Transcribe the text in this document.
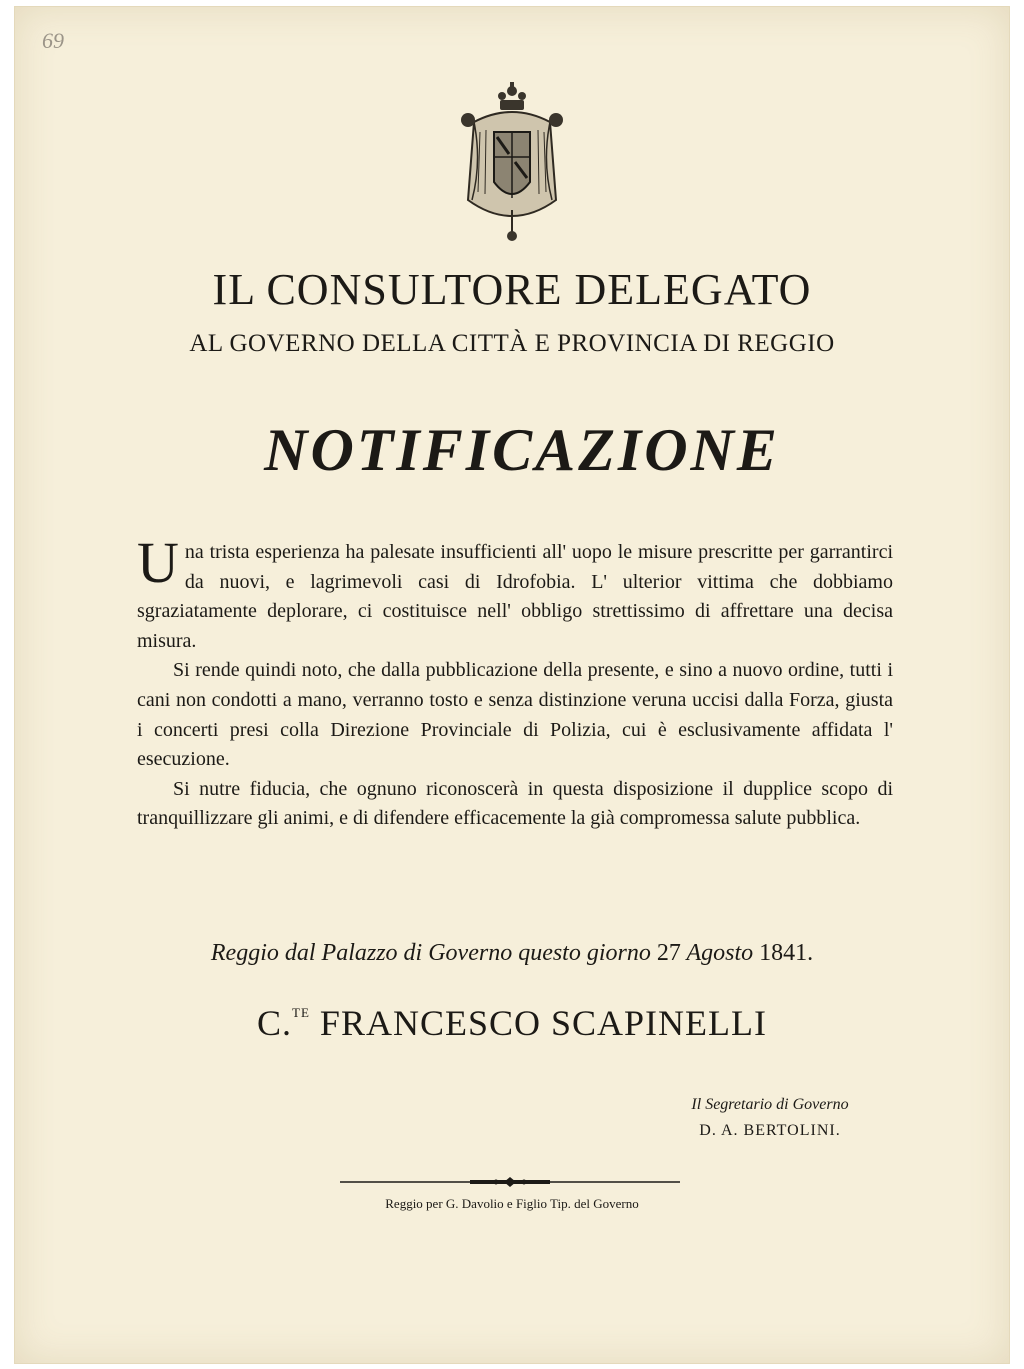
69
IL CONSULTORE DELEGATO
AL GOVERNO DELLA CITTÀ E PROVINCIA DI REGGIO
NOTIFICAZIONE

Una trista esperienza ha palesate insufficienti all' uopo le misure prescritte per garrantirci da nuovi, e lagrimevoli casi di Idrofobia. L' ulterior vittima che dobbiamo sgraziatamente deplorare, ci costituisce nell' obbligo strettissimo di affrettare una decisa misura.

Si rende quindi noto, che dalla pubblicazione della presente, e sino a nuovo ordine, tutti i cani non condotti a mano, verranno tosto e senza distinzione veruna uccisi dalla Forza, giusta i concerti presi colla Direzione Provinciale di Polizia, cui è esclusivamente affidata l' esecuzione.

Si nutre fiducia, che ognuno riconoscerà in questa disposizione il dupplice scopo di tranquillizzare gli animi, e di difendere efficacemente la già compromessa salute pubblica.

Reggio dal Palazzo di Governo questo giorno 27 Agosto 1841.
C.$^{TE}$ FRANCESCO SCAPINELLI
Il Segretario di Governo
D. A. BERTOLINI.
Reggio per G. Davolio e Figlio Tip. del Governo
